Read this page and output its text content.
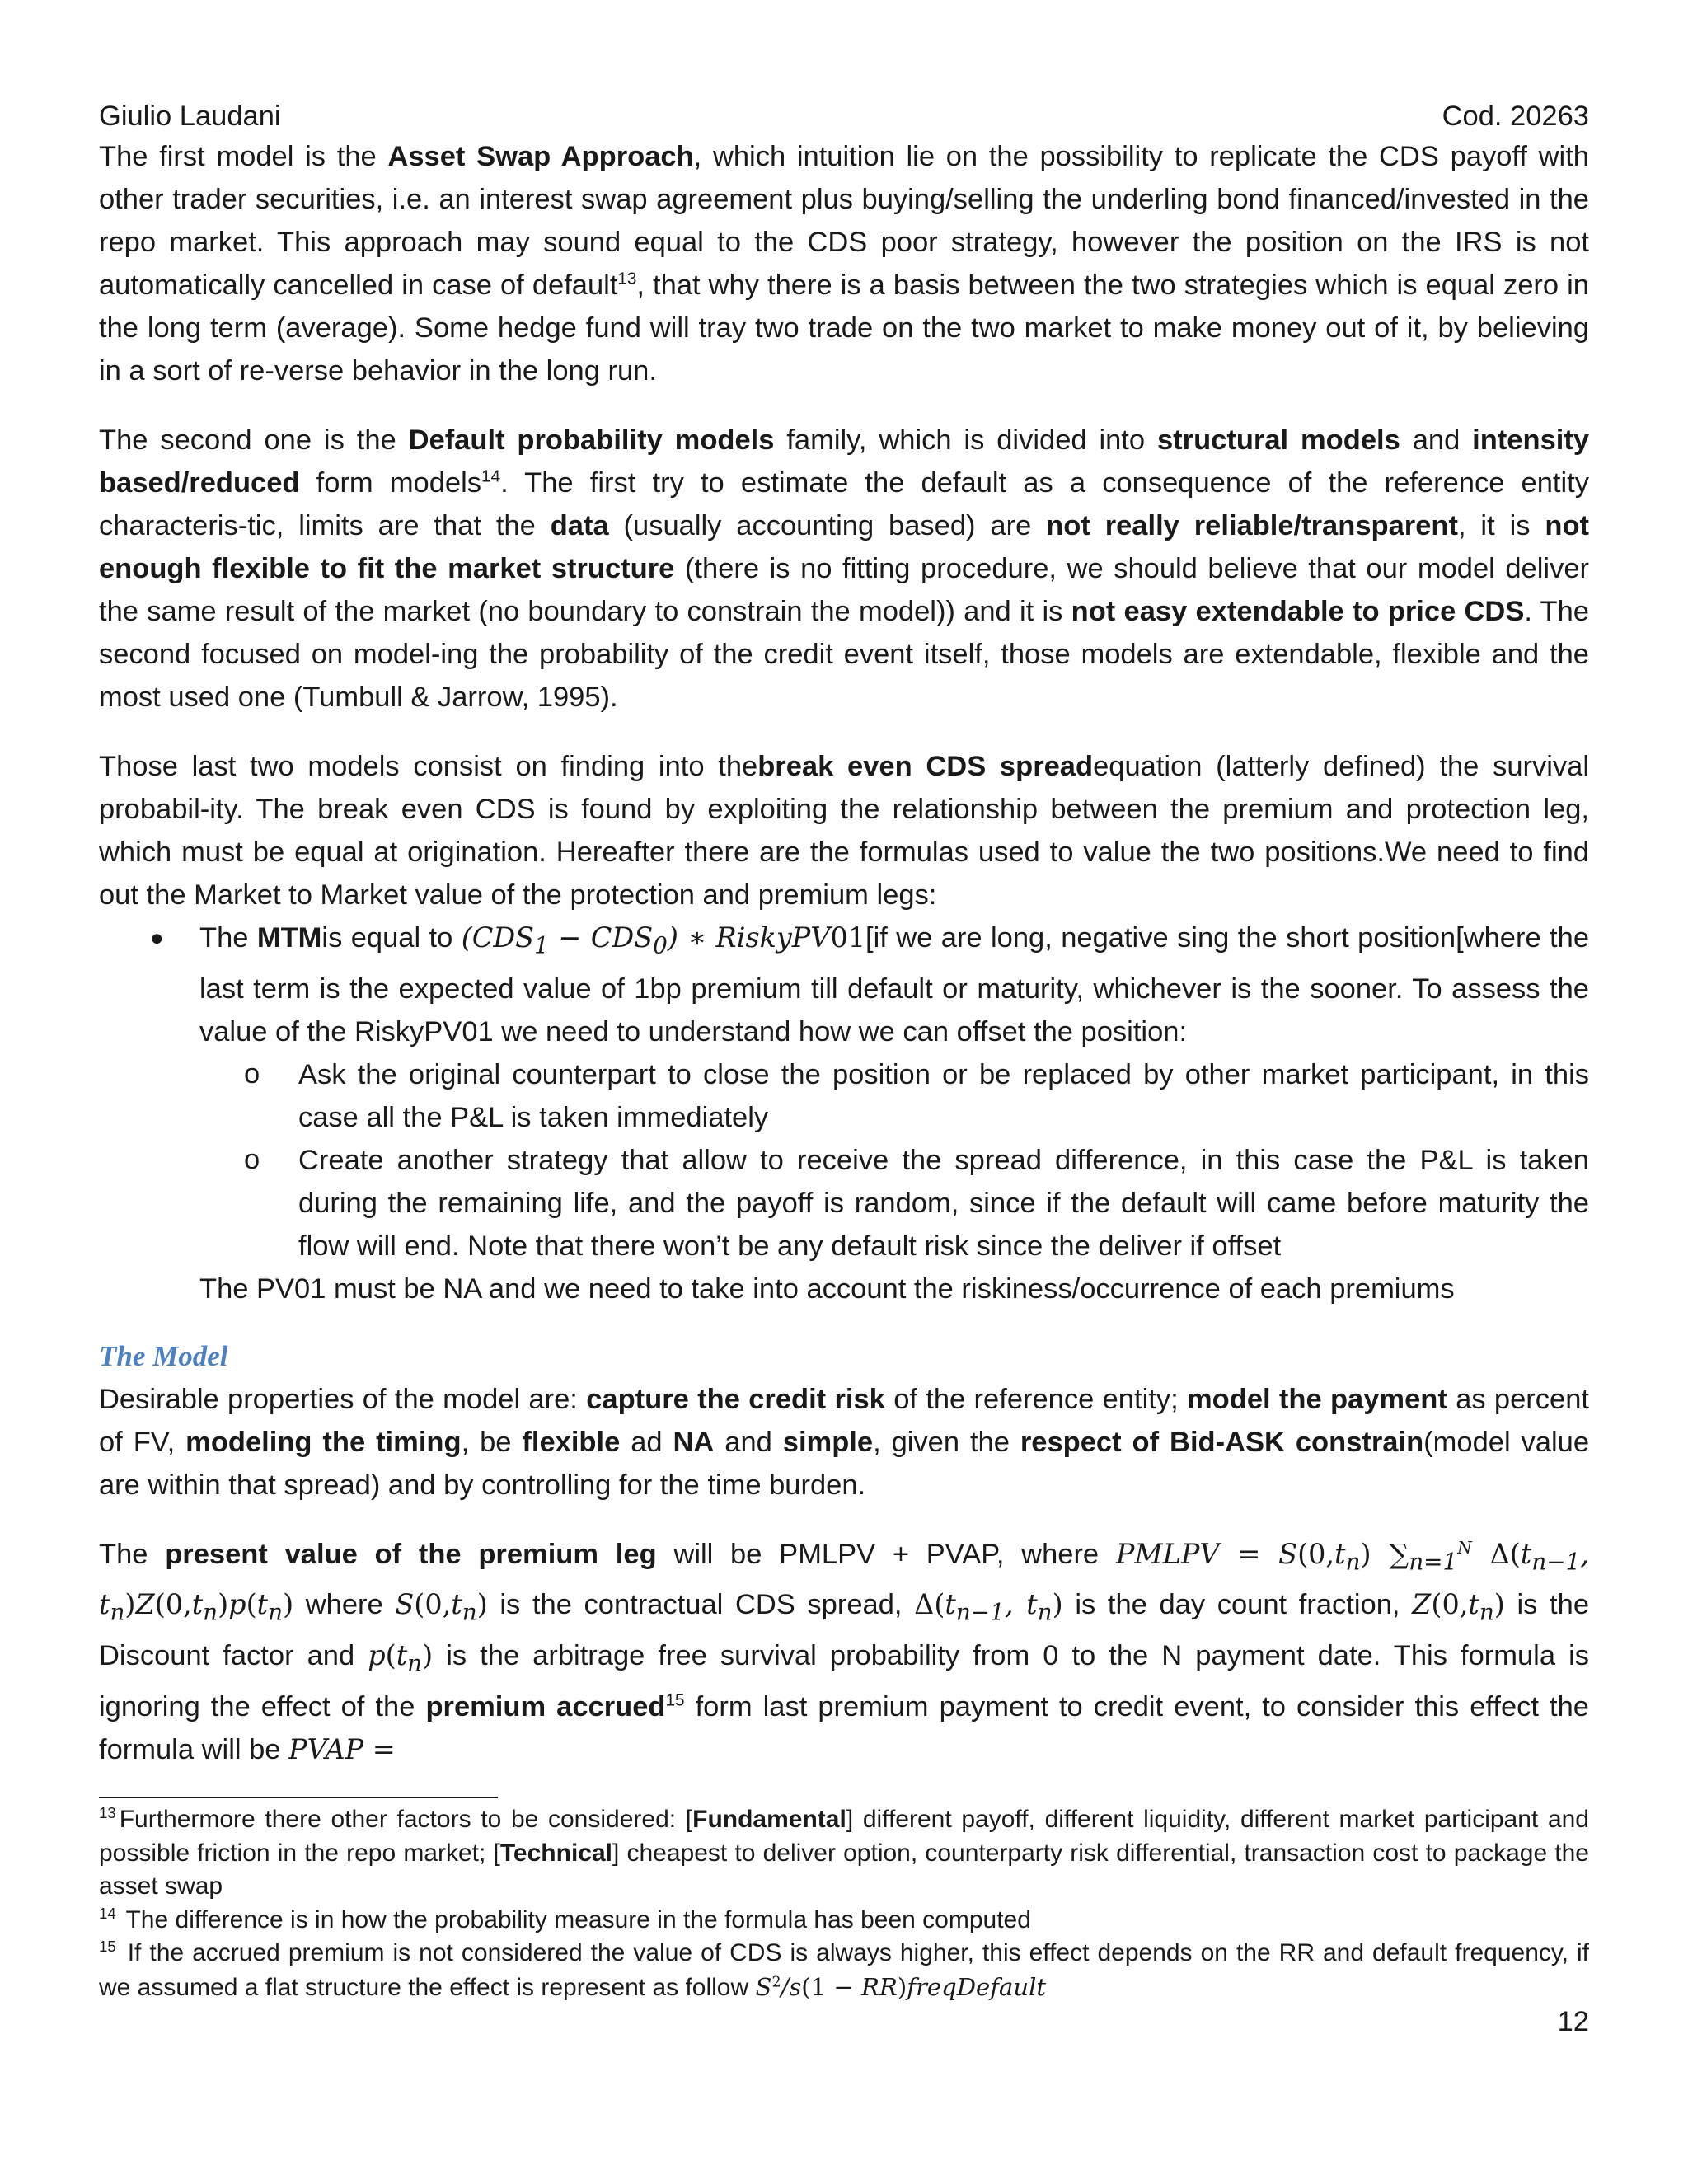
Giulio Laudani	Cod. 20263

The first model is the Asset Swap Approach, which intuition lie on the possibility to replicate the CDS payoff with other trader securities, i.e. an interest swap agreement plus buying/selling the underling bond financed/invested in the repo market. This approach may sound equal to the CDS poor strategy, however the position on the IRS is not automatically cancelled in case of default$^{13}$, that why there is a basis between the two strategies which is equal zero in the long term (average). Some hedge fund will tray two trade on the two market to make money out of it, by believing in a sort of re-verse behavior in the long run.

The second one is the Default probability models family, which is divided into structural models and intensity based/reduced form models$^{14}$. The first try to estimate the default as a consequence of the reference entity characteris-tic, limits are that the data (usually accounting based) are not really reliable/transparent, it is not enough flexible to fit the market structure (there is no fitting procedure, we should believe that our model deliver the same result of the market (no boundary to constrain the model)) and it is not easy extendable to price CDS. The second focused on model-ing the probability of the credit event itself, those models are extendable, flexible and the most used one (Tumbull & Jarrow, 1995).

Those last two models consist on finding into thebreak even CDS spreadequation (latterly defined) the survival probabil-ity. The break even CDS is found by exploiting the relationship between the premium and protection leg, which must be equal at origination. Hereafter there are the formulas used to value the two positions.We need to find out the Market to Market value of the protection and premium legs:

● The MTMis equal to $(CDS_1 - CDS_0)$ ∗ RiskyPV01[if we are long, negative sing the short position[where the last term is the expected value of 1bp premium till default or maturity, whichever is the sooner. To assess the value of the RiskyPV01 we need to understand how we can offset the position:
o Ask the original counterpart to close the position or be replaced by other market participant, in this case all the P&L is taken immediately
o Create another strategy that allow to receive the spread difference, in this case the P&L is taken during the remaining life, and the payoff is random, since if the default will came before maturity the flow will end. Note that there won’t be any default risk since the deliver if offset
The PV01 must be NA and we need to take into account the riskiness/occurrence of each premiums
The Model

Desirable properties of the model are: capture the credit risk of the reference entity; model the payment as percent of FV, modeling the timing, be flexible ad NA and simple, given the respect of Bid-ASK constrain(model value are within that spread) and by controlling for the time burden.

The present value of the premium leg will be PMLPV + PVAP, where PMLPV = $S(0,t_n)$ $\sum_{n=1}^N$ $\Delta(t_{n-1}$, $t_n)Z(0,t_n)p(t_n)$ where $S(0,t_n)$ is the contractual CDS spread, $\Delta(t_{n-1}$, $t_n$) is the day count fraction, $Z(0,t_n)$ is the Discount factor and $p(t_n)$ is the arbitrage free survival probability from 0 to the N payment date. This formula is ignoring the effect of the premium accrued$^{15}$ form last premium payment to credit event, to consider this effect the formula will be PVAP =

$^{13}$ Furthermore there other factors to be considered: [Fundamental] different payoff, different liquidity, different market participant and possible friction in the repo market; [Technical] cheapest to deliver option, counterparty risk differential, transaction cost to package the asset swap

$^{14}$ The difference is in how the probability measure in the formula has been computed

$^{15}$ If the accrued premium is not considered the value of CDS is always higher, this effect depends on the RR and default frequency, if we assumed a flat structure the effect is represent as follow $S^2/s(1$ − RR)freqDefault

12
